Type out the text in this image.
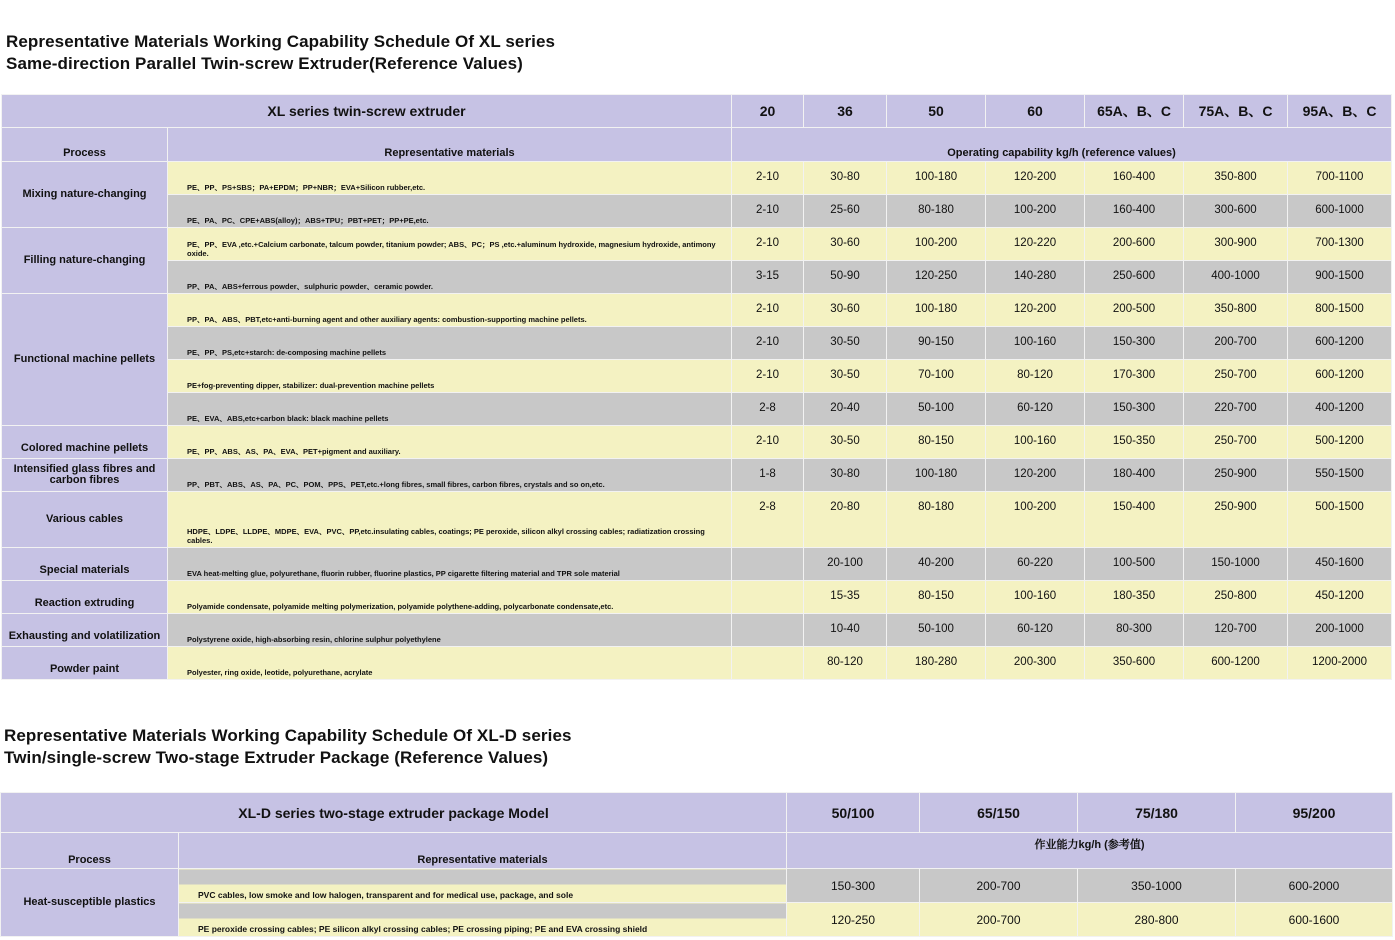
Representative Materials Working Capability Schedule Of XL series
Same-direction Parallel Twin-screw Extruder(Reference Values)
XL series twin-screw extruder		20	36	50	60	65A、B、C	75A、B、C	95A、B、C
Process	Representative materials	Operating capability kg/h (reference values)						
Mixing nature-changing	PE、PP、PS+SBS；PA+EPDM；PP+NBR；EVA+Silicon rubber,etc.	2-10	30-80	100-180	120-200	160-400	350-800	700-1100
	PE、PA、PC、CPE+ABS(alloy)；ABS+TPU；PBT+PET；PP+PE,etc.	2-10	25-60	80-180	100-200	160-400	300-600	600-1000
Filling nature-changing	PE、PP、EVA ,etc.+Calcium carbonate, talcum powder, titanium powder; ABS、PC；PS ,etc.+aluminum hydroxide, magnesium hydroxide, antimony oxide.	2-10	30-60	100-200	120-220	200-600	300-900	700-1300
	PP、PA、ABS+ferrous powder、sulphuric powder、ceramic powder.	3-15	50-90	120-250	140-280	250-600	400-1000	900-1500
Functional machine pellets	PP、PA、ABS、PBT,etc+anti-burning agent and other auxiliary agents: combustion-supporting machine pellets.	2-10	30-60	100-180	120-200	200-500	350-800	800-1500
	PE、PP、PS,etc+starch: de-composing machine pellets	2-10	30-50	90-150	100-160	150-300	200-700	600-1200
	PE+fog-preventing dipper, stabilizer: dual-prevention machine pellets	2-10	30-50	70-100	80-120	170-300	250-700	600-1200
	PE、EVA、ABS,etc+carbon black: black machine pellets	2-8	20-40	50-100	60-120	150-300	220-700	400-1200
Colored machine pellets	PE、PP、ABS、AS、PA、EVA、PET+pigment and auxiliary.	2-10	30-50	80-150	100-160	150-350	250-700	500-1200
Intensified glass fibres and carbon fibres	PP、PBT、ABS、AS、PA、PC、POM、PPS、PET,etc.+long fibres, small fibres, carbon fibres, crystals and so on,etc.	1-8	30-80	100-180	120-200	180-400	250-900	550-1500
Various cables	HDPE、LDPE、LLDPE、MDPE、EVA、PVC、PP,etc.insulating cables, coatings; PE peroxide, silicon alkyl crossing cables; radiatization crossing cables.	2-8	20-80	80-180	100-200	150-400	250-900	500-1500
Special materials	EVA heat-melting glue, polyurethane, fluorin rubber, fluorine plastics, PP cigarette filtering material and TPR sole material		20-100	40-200	60-220	100-500	150-1000	450-1600
Reaction extruding	Polyamide condensate, polyamide melting polymerization, polyamide polythene-adding, polycarbonate condensate,etc.		15-35	80-150	100-160	180-350	250-800	450-1200
Exhausting and volatilization	Polystyrene oxide, high-absorbing resin, chlorine sulphur polyethylene		10-40	50-100	60-120	80-300	120-700	200-1000
Powder paint	Polyester, ring oxide, leotide, polyurethane, acrylate		80-120	180-280	200-300	350-600	600-1200	1200-2000
Representative Materials Working Capability Schedule Of XL-D series
Twin/single-screw Two-stage Extruder Package (Reference Values)
XL-D series two-stage extruder package Model		50/100	65/150	75/180	95/200
Process	Representative materials	作业能力kg/h (参考值)			
Heat-susceptible plastics	PVC cables, low smoke and low halogen, transparent and for medical use, package, and sole	150-300	200-700	350-1000	600-2000
	PE peroxide crossing cables; PE silicon alkyl crossing cables; PE crossing piping; PE and EVA crossing shield	120-250	200-700	280-800	600-1600
